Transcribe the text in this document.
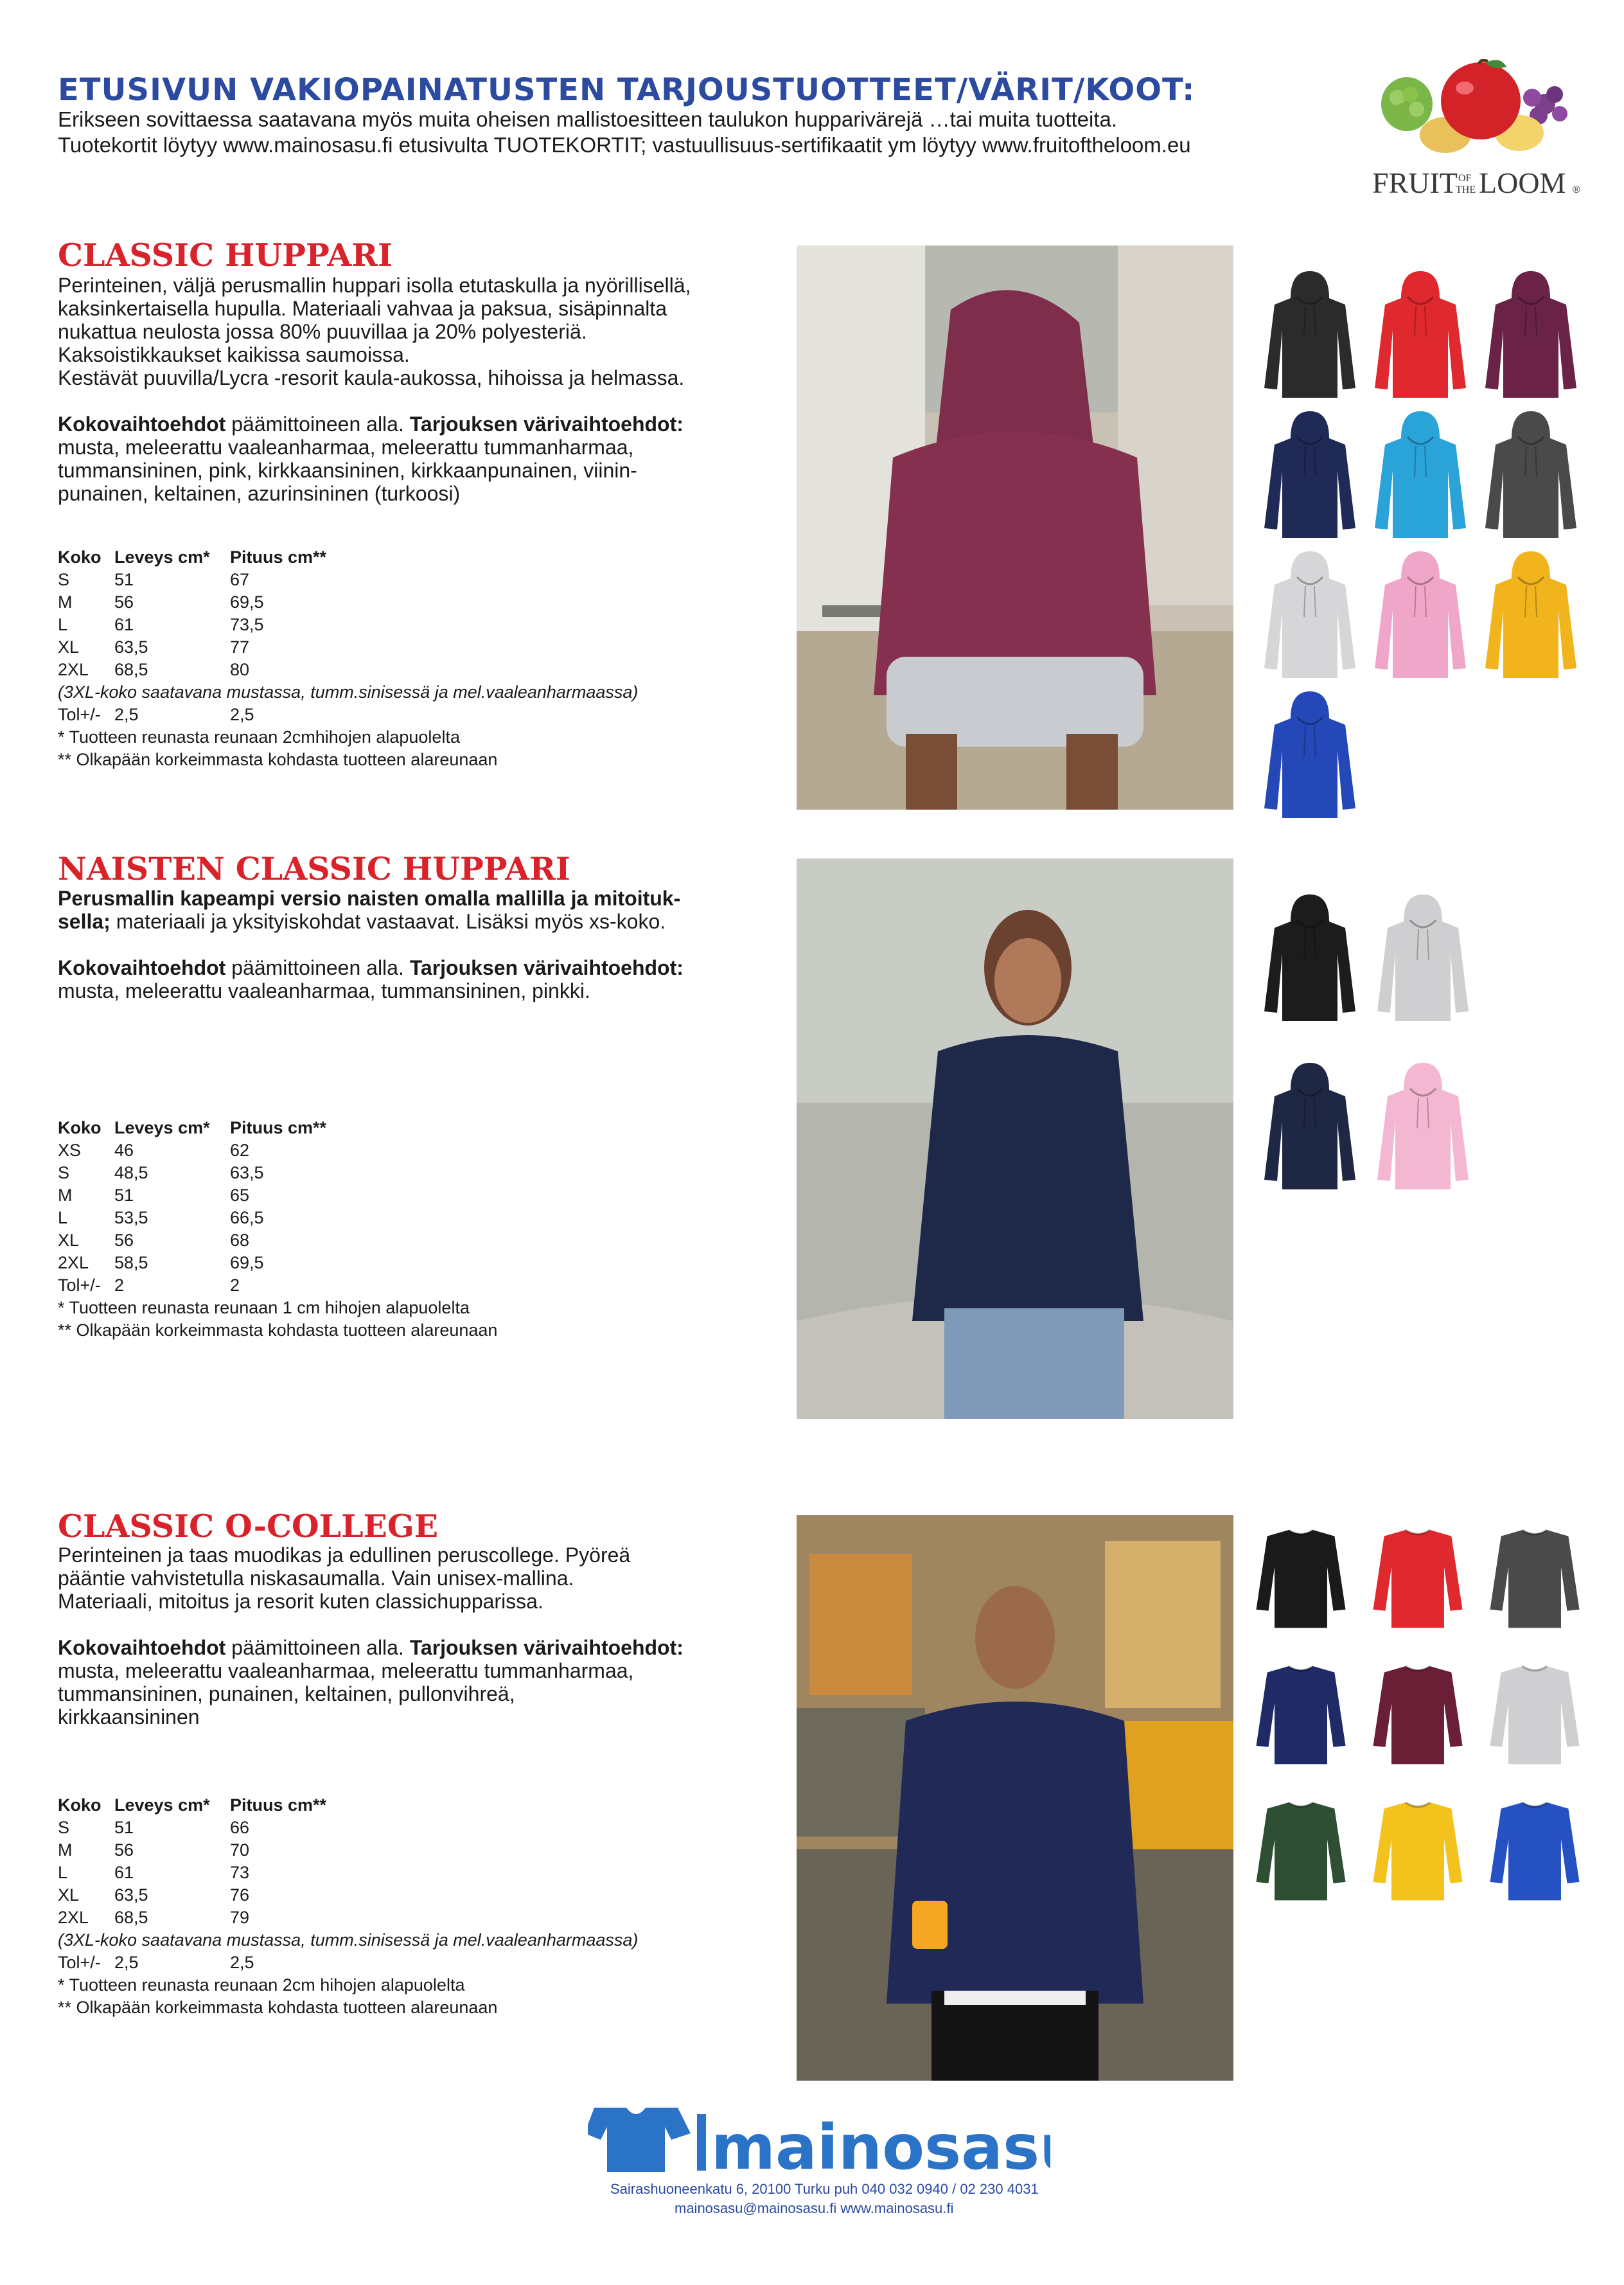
ETUSIVUN VAKIOPAINATUSTEN TARJOUSTUOTTEET/VÄRIT/KOOT:
Erikseen sovittaessa saatavana myös muita oheisen mallistoesitteen taulukon hupparivärejä …tai muita tuotteita.
Tuotekortit löytyy www.mainosasu.fi etusivulta TUOTEKORTIT; vastuullisuus-sertifikaatit ym löytyy www.fruitoftheloom.eu
FRUIT OF
THE LOOM ®
CLASSIC HUPPARI
Perinteinen, väljä perusmallin huppari isolla etutaskulla ja nyörillisellä,
kaksinkertaisella hupulla. Materiaali vahvaa ja paksua, sisäpinnalta
nukattua neulosta jossa 80% puuvillaa ja 20% polyesteriä.
Kaksoistikkaukset kaikissa saumoissa.
Kestävät puuvilla/Lycra -resorit kaula-aukossa, hihoissa ja helmassa.
Kokovaihtoehdot päämittoineen alla. Tarjouksen värivaihtoehdot:
musta, meleerattu vaaleanharmaa, meleerattu tummanharmaa,
tummansininen, pink, kirkkaansininen, kirkkaanpunainen, viinin-
punainen, keltainen, azurinsininen (turkoosi)
Koko Leveys cm*	Pituus cm**
S	51	67
M	56	69,5
L	61	73,5
XL	63,5	77
2XL	68,5	80
(3XL-koko saatavana mustassa, tumm.sinisessä ja mel.vaaleanharmaassa)
Tol+/- 2,5	2,5
* Tuotteen reunasta reunaan 2cmhihojen alapuolelta
** Olkapään korkeimmasta kohdasta tuotteen alareunaan
NAISTEN CLASSIC HUPPARI
Perusmallin kapeampi versio naisten omalla mallilla ja mitoituk-
sella; materiaali ja yksityiskohdat vastaavat. Lisäksi myös xs-koko.
Kokovaihtoehdot päämittoineen alla. Tarjouksen värivaihtoehdot:
musta, meleerattu vaaleanharmaa, tummansininen, pinkki.
Koko Leveys cm*	Pituus cm**
XS	46	62
S	48,5	63,5
M	51	65
L	53,5	66,5
XL	56	68
2XL	58,5	69,5
Tol+/- 2	2
* Tuotteen reunasta reunaan 1 cm hihojen alapuolelta
** Olkapään korkeimmasta kohdasta tuotteen alareunaan
CLASSIC O-COLLEGE
Perinteinen ja taas muodikas ja edullinen peruscollege. Pyöreä
pääntie vahvistetulla niskasaumalla. Vain unisex-mallina.
Materiaali, mitoitus ja resorit kuten classichupparissa.
Kokovaihtoehdot päämittoineen alla. Tarjouksen värivaihtoehdot:
musta, meleerattu vaaleanharmaa, meleerattu tummanharmaa,
tummansininen, punainen, keltainen, pullonvihreä,
kirkkaansininen
Koko Leveys cm*	Pituus cm**
S	51	66
M	56	70
L	61	73
XL	63,5	76
2XL	68,5	79
(3XL-koko saatavana mustassa, tumm.sinisessä ja mel.vaaleanharmaassa)
Tol+/- 2,5	2,5
* Tuotteen reunasta reunaan 2cm hihojen alapuolelta
** Olkapään korkeimmasta kohdasta tuotteen alareunaan
mainosasu
Sairashuoneenkatu 6, 20100 Turku puh 040 032 0940 / 02 230 4031
mainosasu@mainosasu.fi www.mainosasu.fi
